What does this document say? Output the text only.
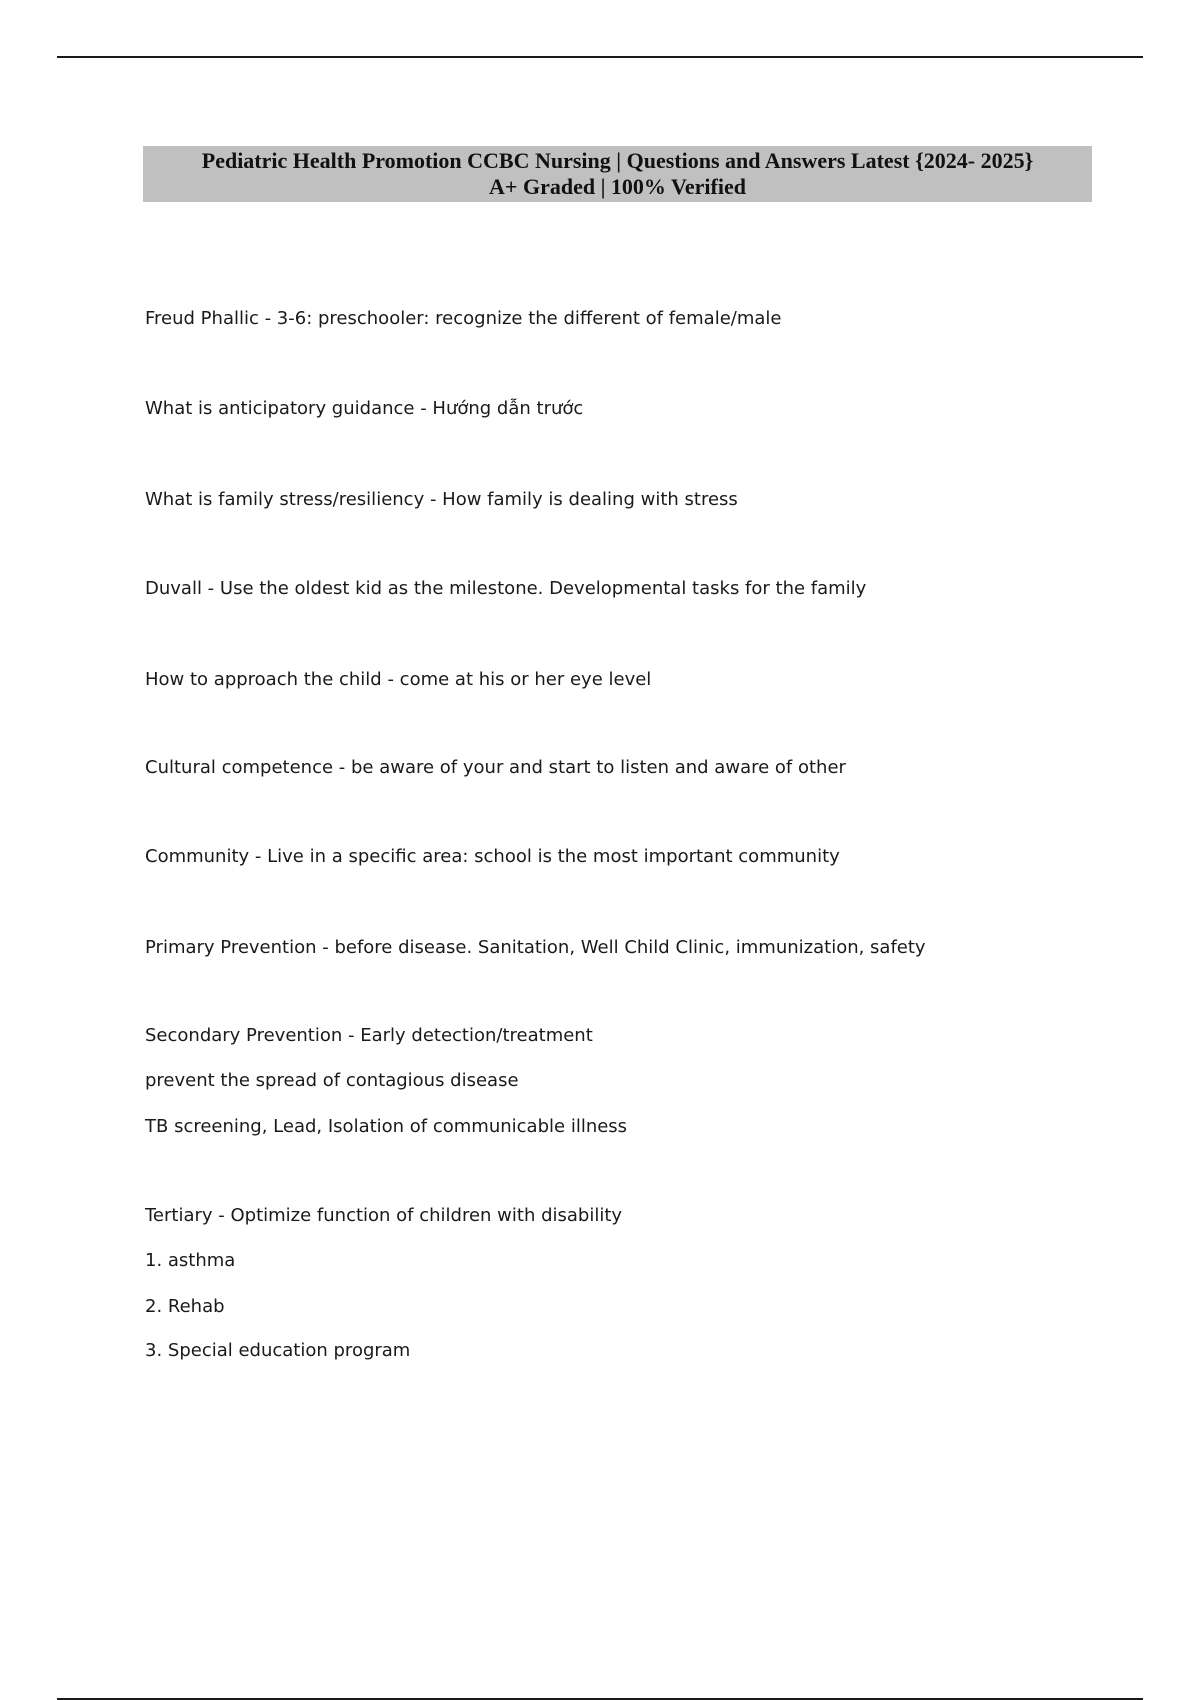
Pediatric Health Promotion CCBC Nursing | Questions and Answers Latest {2024- 2025}
A+ Graded | 100% Verified
Freud Phallic - 3-6: preschooler: recognize the different of female/male
What is anticipatory guidance - Hướng dẫn trước
What is family stress/resiliency - How family is dealing with stress
Duvall - Use the oldest kid as the milestone. Developmental tasks for the family
How to approach the child - come at his or her eye level
Cultural competence - be aware of your and start to listen and aware of other
Community - Live in a specific area: school is the most important community
Primary Prevention - before disease. Sanitation, Well Child Clinic, immunization, safety
Secondary Prevention - Early detection/treatment
prevent the spread of contagious disease
TB screening, Lead, Isolation of communicable illness
Tertiary - Optimize function of children with disability
1. asthma
2. Rehab
3. Special education program
